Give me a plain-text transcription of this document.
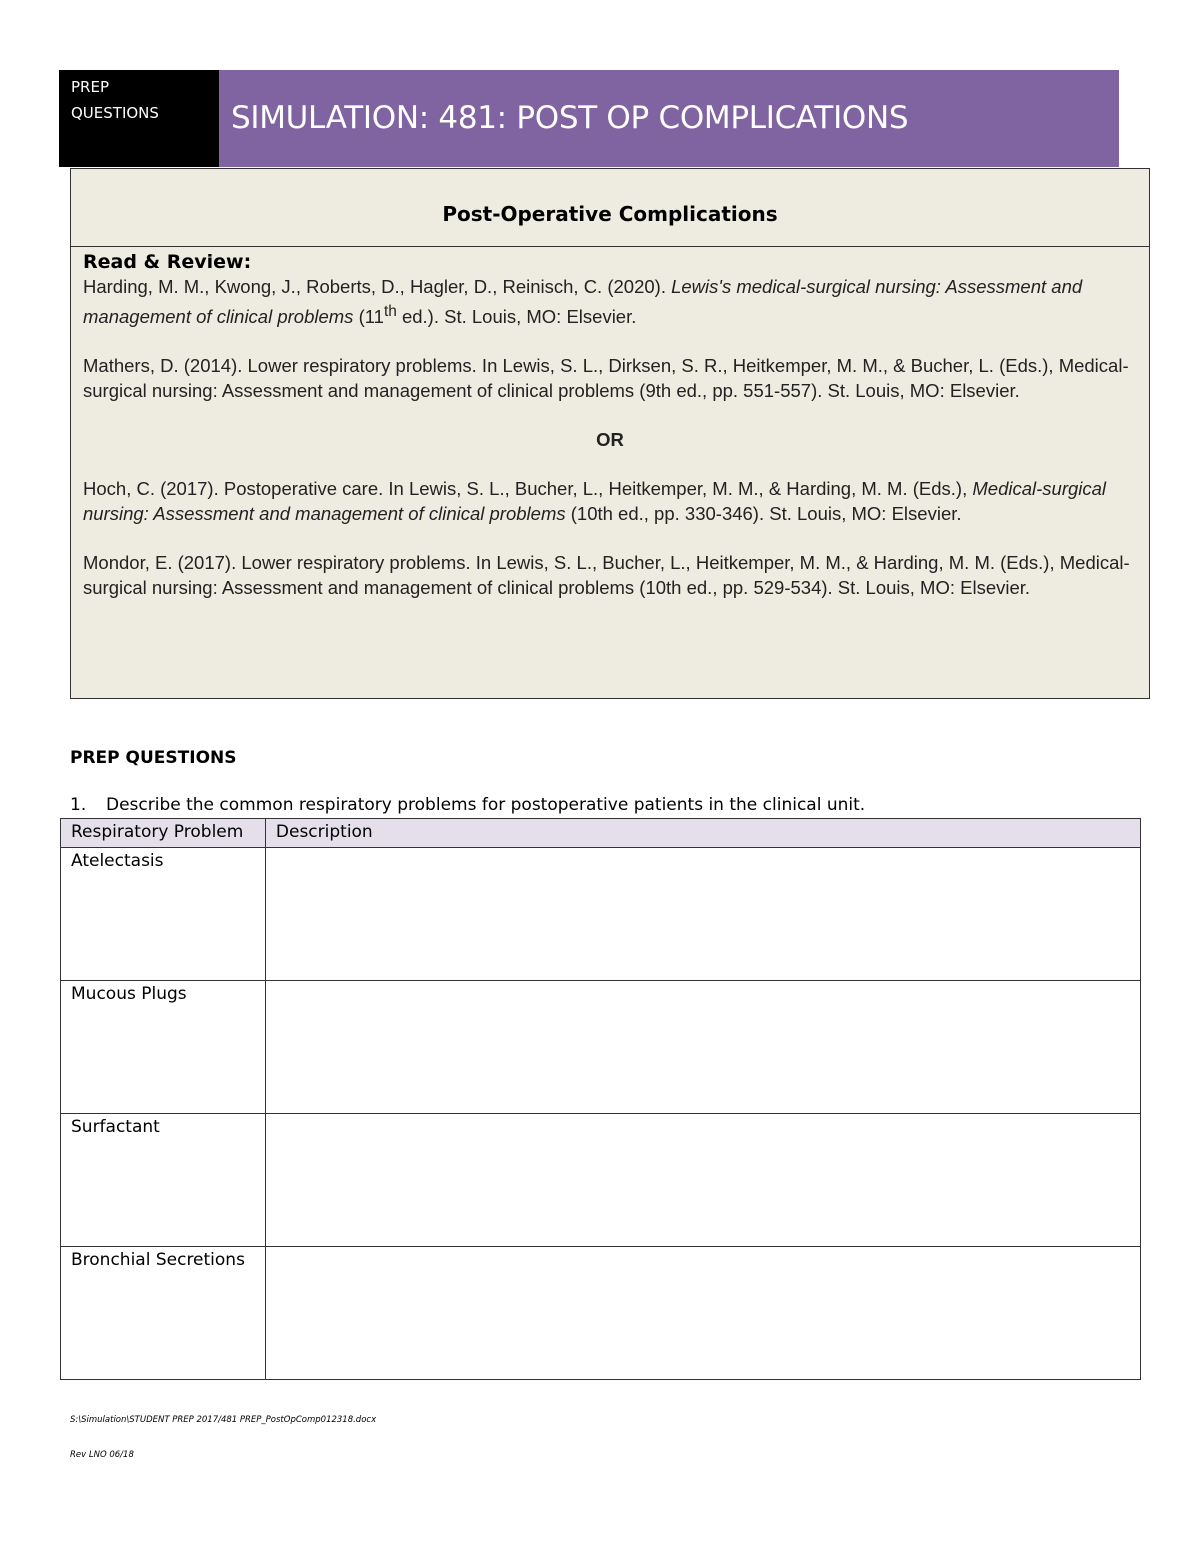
PREP
QUESTIONS	SIMULATION: 481: POST OP COMPLICATIONS
Post-Operative Complications
Read & Review:

Harding, M. M., Kwong, J., Roberts, D., Hagler, D., Reinisch, C. (2020). Lewis's medical-surgical nursing: Assessment and management of clinical problems (11th ed.). St. Louis, MO: Elsevier.

Mathers, D. (2014). Lower respiratory problems. In Lewis, S. L., Dirksen, S. R., Heitkemper, M. M., & Bucher, L. (Eds.), Medical-surgical nursing: Assessment and management of clinical problems (9th ed., pp. 551-557). St. Louis, MO: Elsevier.

OR

Hoch, C. (2017). Postoperative care. In Lewis, S. L., Bucher, L., Heitkemper, M. M., & Harding, M. M. (Eds.), Medical-surgical nursing: Assessment and management of clinical problems (10th ed., pp. 330-346). St. Louis, MO: Elsevier.

Mondor, E. (2017). Lower respiratory problems. In Lewis, S. L., Bucher, L., Heitkemper, M. M., & Harding, M. M. (Eds.), Medical-surgical nursing: Assessment and management of clinical problems (10th ed., pp. 529-534). St. Louis, MO: Elsevier.

PREP QUESTIONS
1. Describe the common respiratory problems for postoperative patients in the clinical unit.
Respiratory Problem	Description
Atelectasis	
Mucous Plugs	
Surfactant	
Bronchial Secretions	
S:\Simulation\STUDENT PREP 2017/481 PREP_PostOpComp012318.docx
Rev LNO 06/18
